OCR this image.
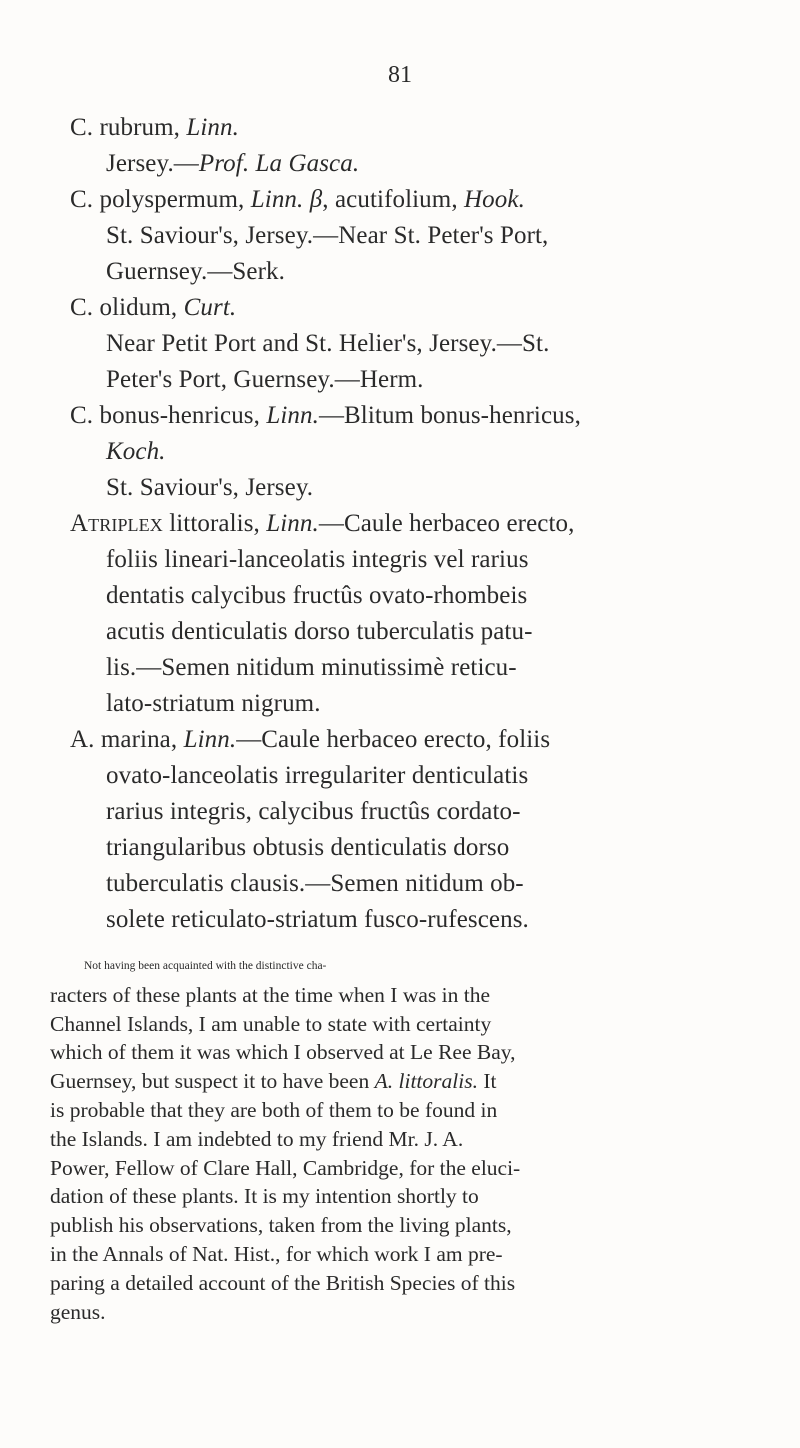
81
C. rubrum, Linn.
Jersey.—Prof. La Gasca.
C. polyspermum, Linn. β, acutifolium, Hook.
St. Saviour's, Jersey.—Near St. Peter's Port,
Guernsey.—Serk.
C. olidum, Curt.
Near Petit Port and St. Helier's, Jersey.—St.
Peter's Port, Guernsey.—Herm.
C. bonus-henricus, Linn.—Blitum bonus-henricus,
Koch.
St. Saviour's, Jersey.
Atriplex littoralis, Linn.—Caule herbaceo erecto,
foliis lineari-lanceolatis integris vel rarius
dentatis calycibus fructûs ovato-rhombeis
acutis denticulatis dorso tuberculatis patu-
lis.—Semen nitidum minutissimè reticu-
lato-striatum nigrum.
A. marina, Linn.—Caule herbaceo erecto, foliis
ovato-lanceolatis irregulariter denticulatis
rarius integris, calycibus fructûs cordato-
triangularibus obtusis denticulatis dorso
tuberculatis clausis.—Semen nitidum ob-
solete reticulato-striatum fusco-rufescens.
Not having been acquainted with the distinctive cha-
racters of these plants at the time when I was in the
Channel Islands, I am unable to state with certainty
which of them it was which I observed at Le Ree Bay,
Guernsey, but suspect it to have been A. littoralis. It
is probable that they are both of them to be found in
the Islands. I am indebted to my friend Mr. J. A.
Power, Fellow of Clare Hall, Cambridge, for the eluci-
dation of these plants. It is my intention shortly to
publish his observations, taken from the living plants,
in the Annals of Nat. Hist., for which work I am pre-
paring a detailed account of the British Species of this
genus.
